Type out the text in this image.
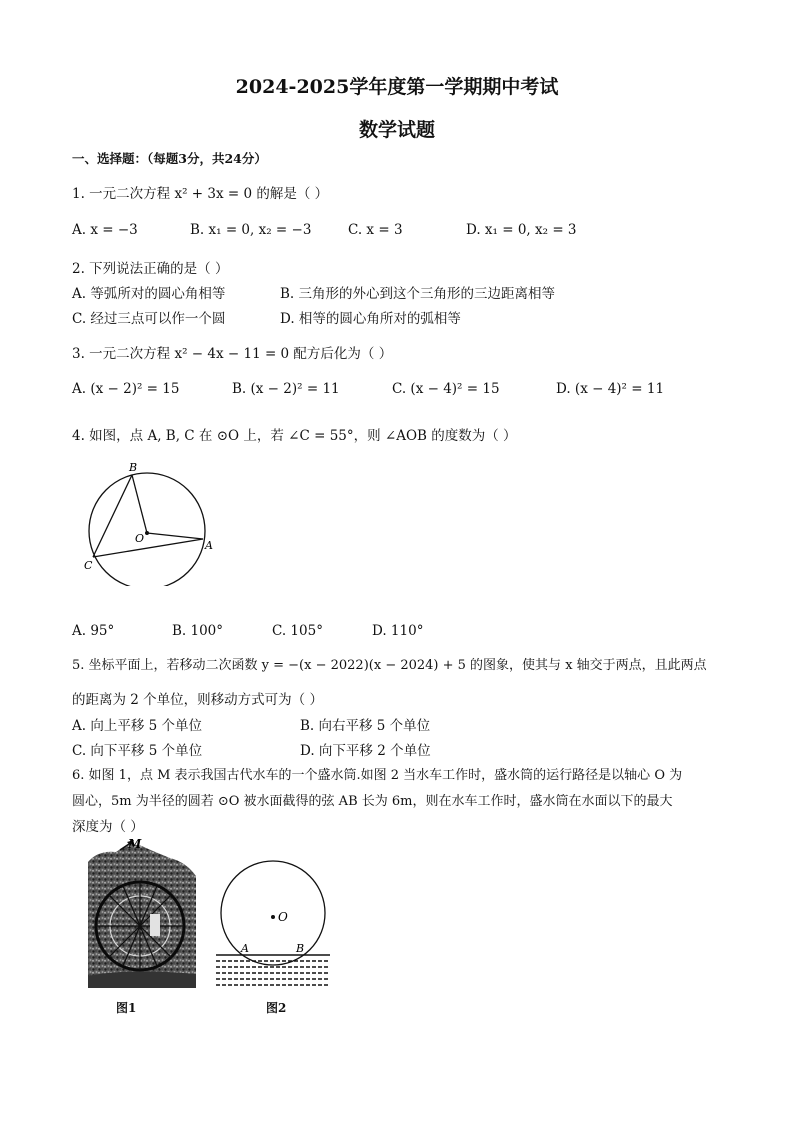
2024-2025学年度第一学期期中考试
数学试题
一、选择题：（每题3分，共24分）
1. 一元二次方程 x² + 3x = 0 的解是（ ）
A. x = −3	B. x₁ = 0, x₂ = −3	C. x = 3	D. x₁ = 0, x₂ = 3
2. 下列说法正确的是（ ）
A. 等弧所对的圆心角相等	B. 三角形的外心到这个三角形的三边距离相等
C. 经过三点可以作一个圆	D. 相等的圆心角所对的弧相等
3. 一元二次方程 x² − 4x − 11 = 0 配方后化为（ ）
A. (x − 2)² = 15	B. (x − 2)² = 11	C. (x − 4)² = 15	D. (x − 4)² = 11
4. 如图，点 A, B, C 在 ⊙O 上，若 ∠C = 55°，则 ∠AOB 的度数为（ ）
B
O
A
C
A. 95°	B. 100°	C. 105°	D. 110°
5. 坐标平面上，若移动二次函数 y = −(x − 2022)(x − 2024) + 5 的图象，使其与 x 轴交于两点，且此两点
的距离为 2 个单位，则移动方式可为（ ）
A. 向上平移 5 个单位	B. 向右平移 5 个单位
C. 向下平移 5 个单位	D. 向下平移 2 个单位
6. 如图 1，点 M 表示我国古代水车的一个盛水筒.如图 2 当水车工作时，盛水筒的运行路径是以轴心 O 为
圆心，5m 为半径的圆若 ⊙O 被水面截得的弦 AB 长为 6m，则在水车工作时，盛水筒在水面以下的最大
深度为（ ）
M
图1
O
A	B
图2
